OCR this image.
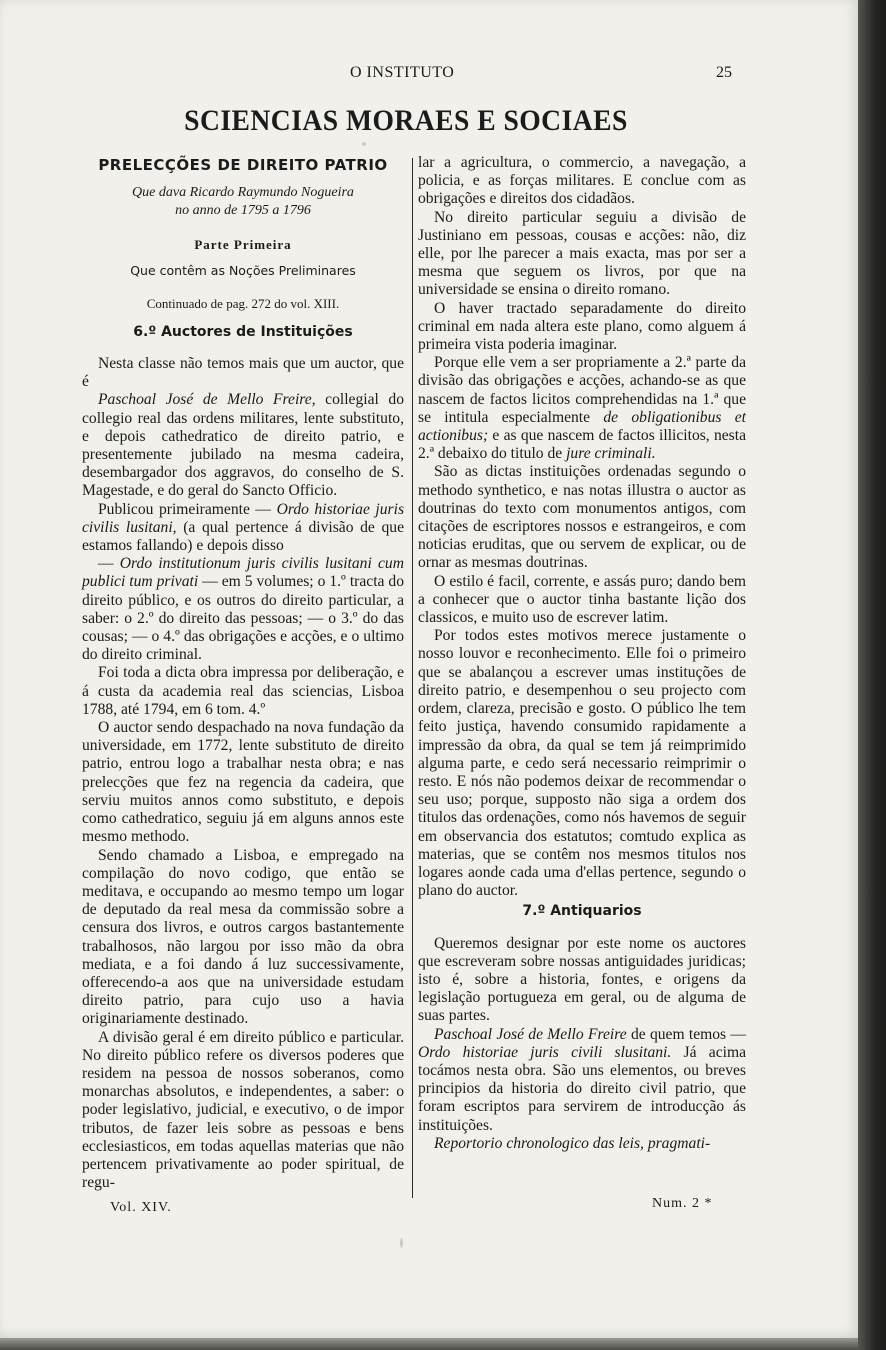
O INSTITUTO	25
SCIENCIAS MORAES E SOCIAES
PRELECÇÕES DE DIREITO PATRIO
Que dava Ricardo Raymundo Nogueira
no anno de 1795 a 1796
Parte Primeira
Que contêm as Noções Preliminares
Continuado de pag. 272 do vol. XIII.
6.º Auctores de Instituições

Nesta classe não temos mais que um auctor, que é

Paschoal José de Mello Freire, collegial do collegio real das ordens militares, lente substituto, e depois cathedratico de direito patrio, e presentemente jubilado na mesma cadeira, desembargador dos aggravos, do conselho de S. Magestade, e do geral do Sancto Officio.

Publicou primeiramente — Ordo historiae juris civilis lusitani, (a qual pertence á divisão de que estamos fallando) e depois disso

— Ordo institutionum juris civilis lusitani cum publici tum privati — em 5 volumes; o 1.º tracta do direito público, e os outros do direito particular, a saber: o 2.º do direito das pessoas; — o 3.º do das cousas; — o 4.º das obrigações e acções, e o ultimo do direito criminal.

Foi toda a dicta obra impressa por deliberação, e á custa da academia real das sciencias, Lisboa 1788, até 1794, em 6 tom. 4.º

O auctor sendo despachado na nova fundação da universidade, em 1772, lente substituto de direito patrio, entrou logo a trabalhar nesta obra; e nas prelecções que fez na regencia da cadeira, que serviu muitos annos como substituto, e depois como cathedratico, seguiu já em alguns annos este mesmo methodo.

Sendo chamado a Lisboa, e empregado na compilação do novo codigo, que então se meditava, e occupando ao mesmo tempo um logar de deputado da real mesa da commissão sobre a censura dos livros, e outros cargos bastantemente trabalhosos, não largou por isso mão da obra mediata, e a foi dando á luz successivamente, offerecendo-a aos que na universidade estudam direito patrio, para cujo uso a havia originariamente destinado.

A divisão geral é em direito público e particular. No direito público refere os diversos poderes que residem na pessoa de nossos soberanos, como monarchas absolutos, e independentes, a saber: o poder legislativo, judicial, e executivo, o de impor tributos, de fazer leis sobre as pessoas e bens ecclesiasticos, em todas aquellas materias que não pertencem privativamente ao poder spiritual, de regu-

lar a agricultura, o commercio, a navegação, a policia, e as forças militares. E conclue com as obrigações e direitos dos cidadãos.

No direito particular seguiu a divisão de Justiniano em pessoas, cousas e acções: não, diz elle, por lhe parecer a mais exacta, mas por ser a mesma que seguem os livros, por que na universidade se ensina o direito romano.

O haver tractado separadamente do direito criminal em nada altera este plano, como alguem á primeira vista poderia imaginar.

Porque elle vem a ser propriamente a 2.ª parte da divisão das obrigações e acções, achando-se as que nascem de factos licitos comprehendidas na 1.ª que se intitula especialmente de obligationibus et actionibus; e as que nascem de factos illicitos, nesta 2.ª debaixo do titulo de jure criminali.

São as dictas instituições ordenadas segundo o methodo synthetico, e nas notas illustra o auctor as doutrinas do texto com monumentos antigos, com citações de escriptores nossos e estrangeiros, e com noticias eruditas, que ou servem de explicar, ou de ornar as mesmas doutrinas.

O estilo é facil, corrente, e assás puro; dando bem a conhecer que o auctor tinha bastante lição dos classicos, e muito uso de escrever latim.

Por todos estes motivos merece justamente o nosso louvor e reconhecimento. Elle foi o primeiro que se abalançou a escrever umas instituções de direito patrio, e desempenhou o seu projecto com ordem, clareza, precisão e gosto. O público lhe tem feito justiça, havendo consumido rapidamente a impressão da obra, da qual se tem já reimprimido alguma parte, e cedo será necessario reimprimir o resto. E nós não podemos deixar de recommendar o seu uso; porque, supposto não siga a ordem dos titulos das ordenações, como nós havemos de seguir em observancia dos estatutos; comtudo explica as materias, que se contêm nos mesmos titulos nos logares aonde cada uma d'ellas pertence, segundo o plano do auctor.

7.º Antiquarios

Queremos designar por este nome os auctores que escreveram sobre nossas antiguidades juridicas; isto é, sobre a historia, fontes, e origens da legislação portugueza em geral, ou de alguma de suas partes.

Paschoal José de Mello Freire de quem temos — Ordo historiae juris civili slusitani. Já acima tocámos nesta obra. São uns elementos, ou breves principios da historia do direito civil patrio, que foram escriptos para servirem de introducção ás instituições.

Reportorio chronologico das leis, pragmati-

Vol. XIV.	Num. 2 *
